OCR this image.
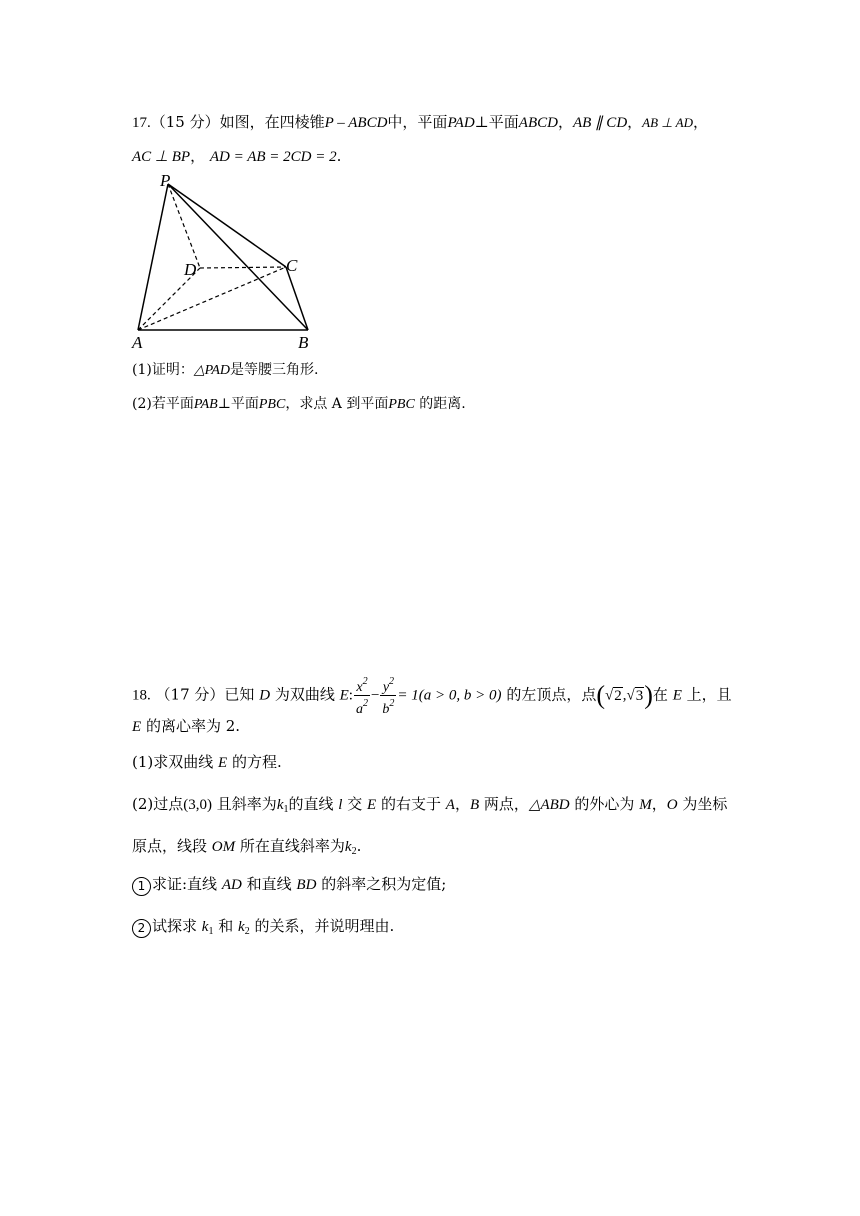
17.（15 分）如图，在四棱锥P – ABCD中，平面PAD⊥平面ABCD，AB ∥ CD，AB ⊥ AD，
AC ⊥ BP， AD = AB = 2CD = 2.
P
D	C
A	B
(1)证明：△PAD是等腰三角形.
(2)若平面PAB⊥平面PBC，求点 A 到平面PBC 的距离.
18. （17 分）已知 D 为双曲线 E: $\frac{x^2}{a^2} - \frac{y^2}{b^2} = 1(a > 0$, b > 0) 的左顶点，点(√2,√3)在 E 上，且
E 的离心率为 2.
(1)求双曲线 E 的方程.
(2)过点(3,0) 且斜率为$k_1$的直线 l 交 E 的右支于 A，B 两点，△ABD 的外心为 M，O 为坐标
原点，线段 OM 所在直线斜率为$k_2$.
1 求证:直线 AD 和直线 BD 的斜率之积为定值;
2 试探求 $k_1$ 和 $k_2$ 的关系，并说明理由.
